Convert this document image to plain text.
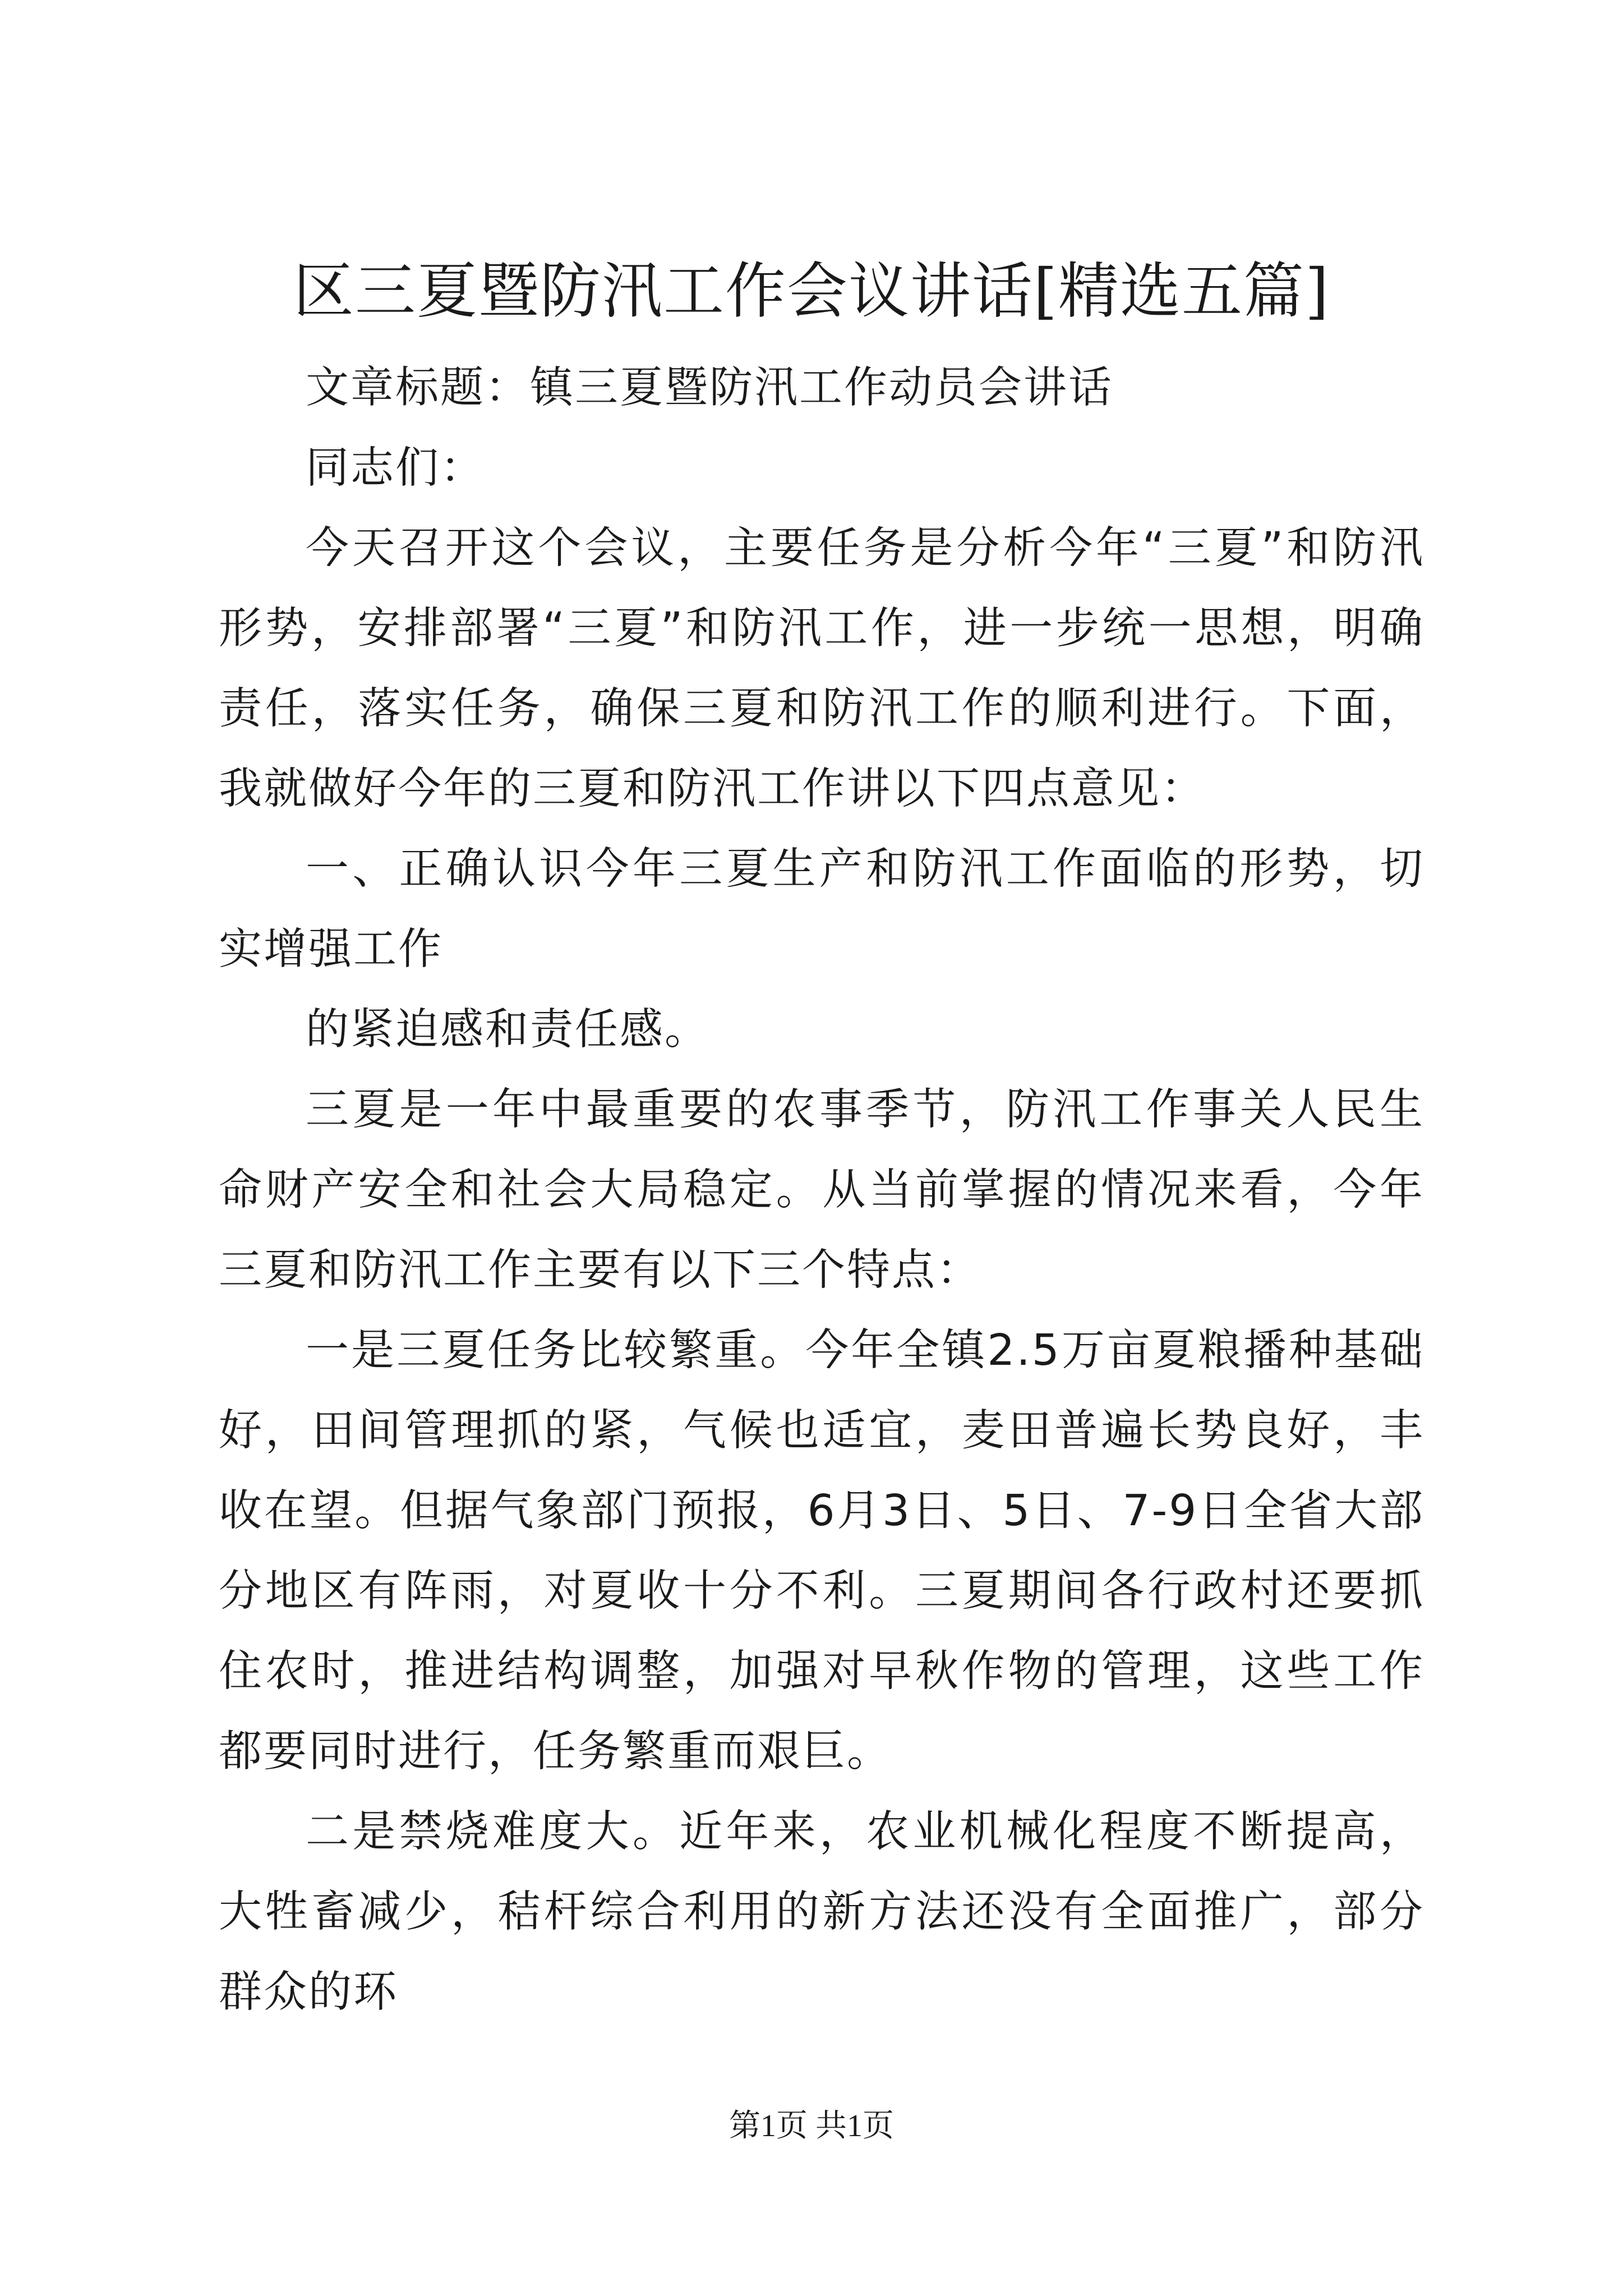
区三夏暨防汛工作会议讲话[精选五篇]

文章标题：镇三夏暨防汛工作动员会讲话

同志们：

今天召开这个会议，主要任务是分析今年“三夏”和防汛形势，安排部署“三夏”和防汛工作，进一步统一思想，明确责任，落实任务，确保三夏和防汛工作的顺利进行。下面，我就做好今年的三夏和防汛工作讲以下四点意见：

一、正确认识今年三夏生产和防汛工作面临的形势，切实增强工作

的紧迫感和责任感。

三夏是一年中最重要的农事季节，防汛工作事关人民生命财产安全和社会大局稳定。从当前掌握的情况来看，今年三夏和防汛工作主要有以下三个特点：

一是三夏任务比较繁重。今年全镇2.5万亩夏粮播种基础好，田间管理抓的紧，气候也适宜，麦田普遍长势良好，丰收在望。但据气象部门预报，6月3日、5日、7-9日全省大部分地区有阵雨，对夏收十分不利。三夏期间各行政村还要抓住农时，推进结构调整，加强对早秋作物的管理，这些工作都要同时进行，任务繁重而艰巨。

二是禁烧难度大。近年来，农业机械化程度不断提高，大牲畜减少，秸杆综合利用的新方法还没有全面推广，部分群众的环

第1页 共1页
